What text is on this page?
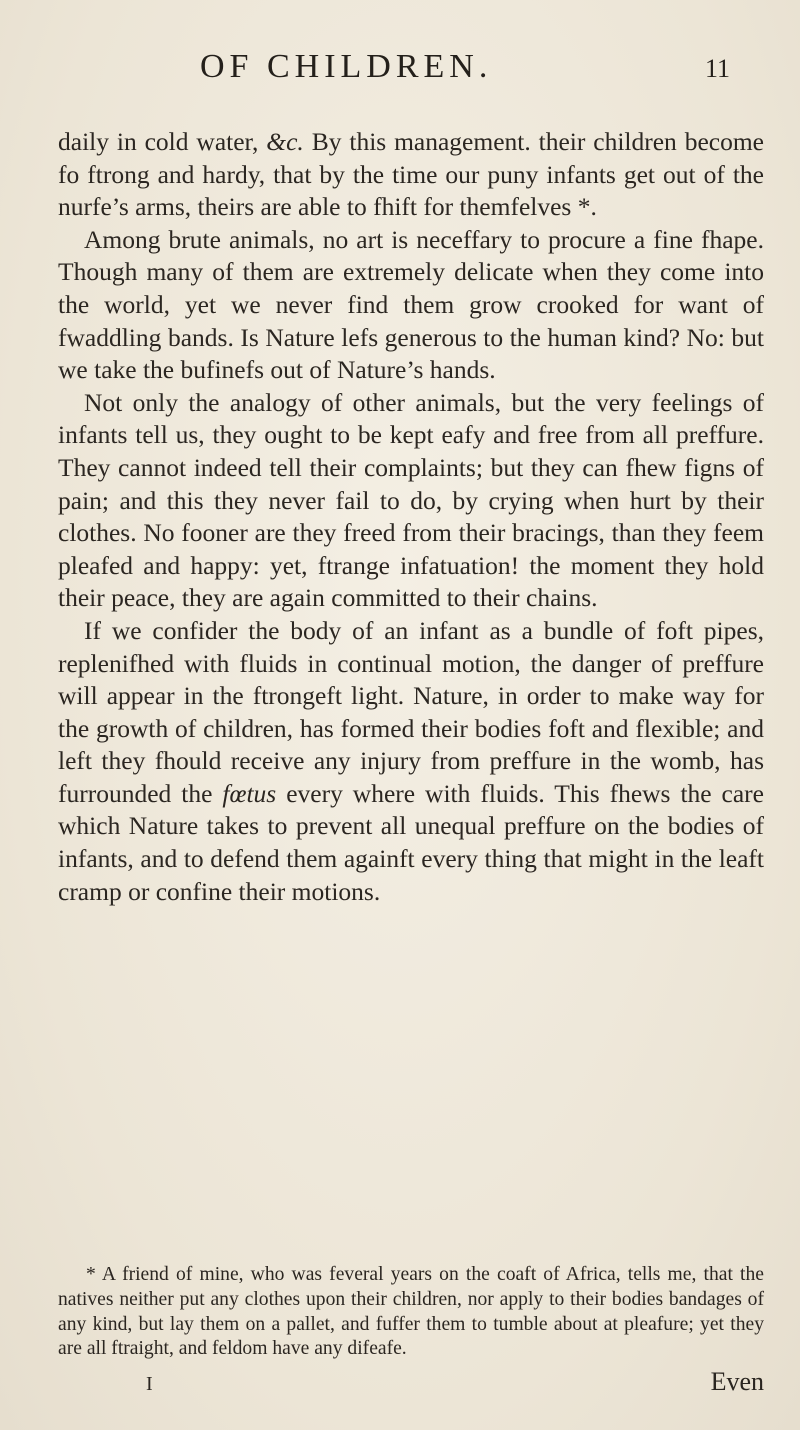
OF CHILDREN.	11

daily in cold water, &c. By this management. their children become fo ftrong and hardy, that by the time our puny infants get out of the nurfe’s arms, theirs are able to fhift for themfelves *.

Among brute animals, no art is neceffary to procure a fine fhape. Though many of them are extremely delicate when they come into the world, yet we never find them grow crooked for want of fwaddling bands. Is Nature lefs generous to the human kind? No: but we take the bufinefs out of Nature’s hands.

Not only the analogy of other animals, but the very feelings of infants tell us, they ought to be kept eafy and free from all preffure. They cannot indeed tell their complaints; but they can fhew figns of pain; and this they never fail to do, by crying when hurt by their clothes. No fooner are they freed from their bracings, than they feem pleafed and happy: yet, ftrange infatuation! the moment they hold their peace, they are again committed to their chains.

If we confider the body of an infant as a bundle of foft pipes, replenifhed with fluids in continual motion, the danger of preffure will appear in the ftrongeft light. Nature, in order to make way for the growth of children, has formed their bodies foft and flexible; and left they fhould receive any injury from preffure in the womb, has furrounded the fœtus every where with fluids. This fhews the care which Nature takes to prevent all unequal preffure on the bodies of infants, and to defend them againft every thing that might in the leaft cramp or confine their motions.

* A friend of mine, who was feveral years on the coaft of Africa, tells me, that the natives neither put any clothes upon their children, nor apply to their bodies bandages of any kind, but lay them on a pallet, and fuffer them to tumble about at pleafure; yet they are all ftraight, and feldom have any difeafe.
I	Even
